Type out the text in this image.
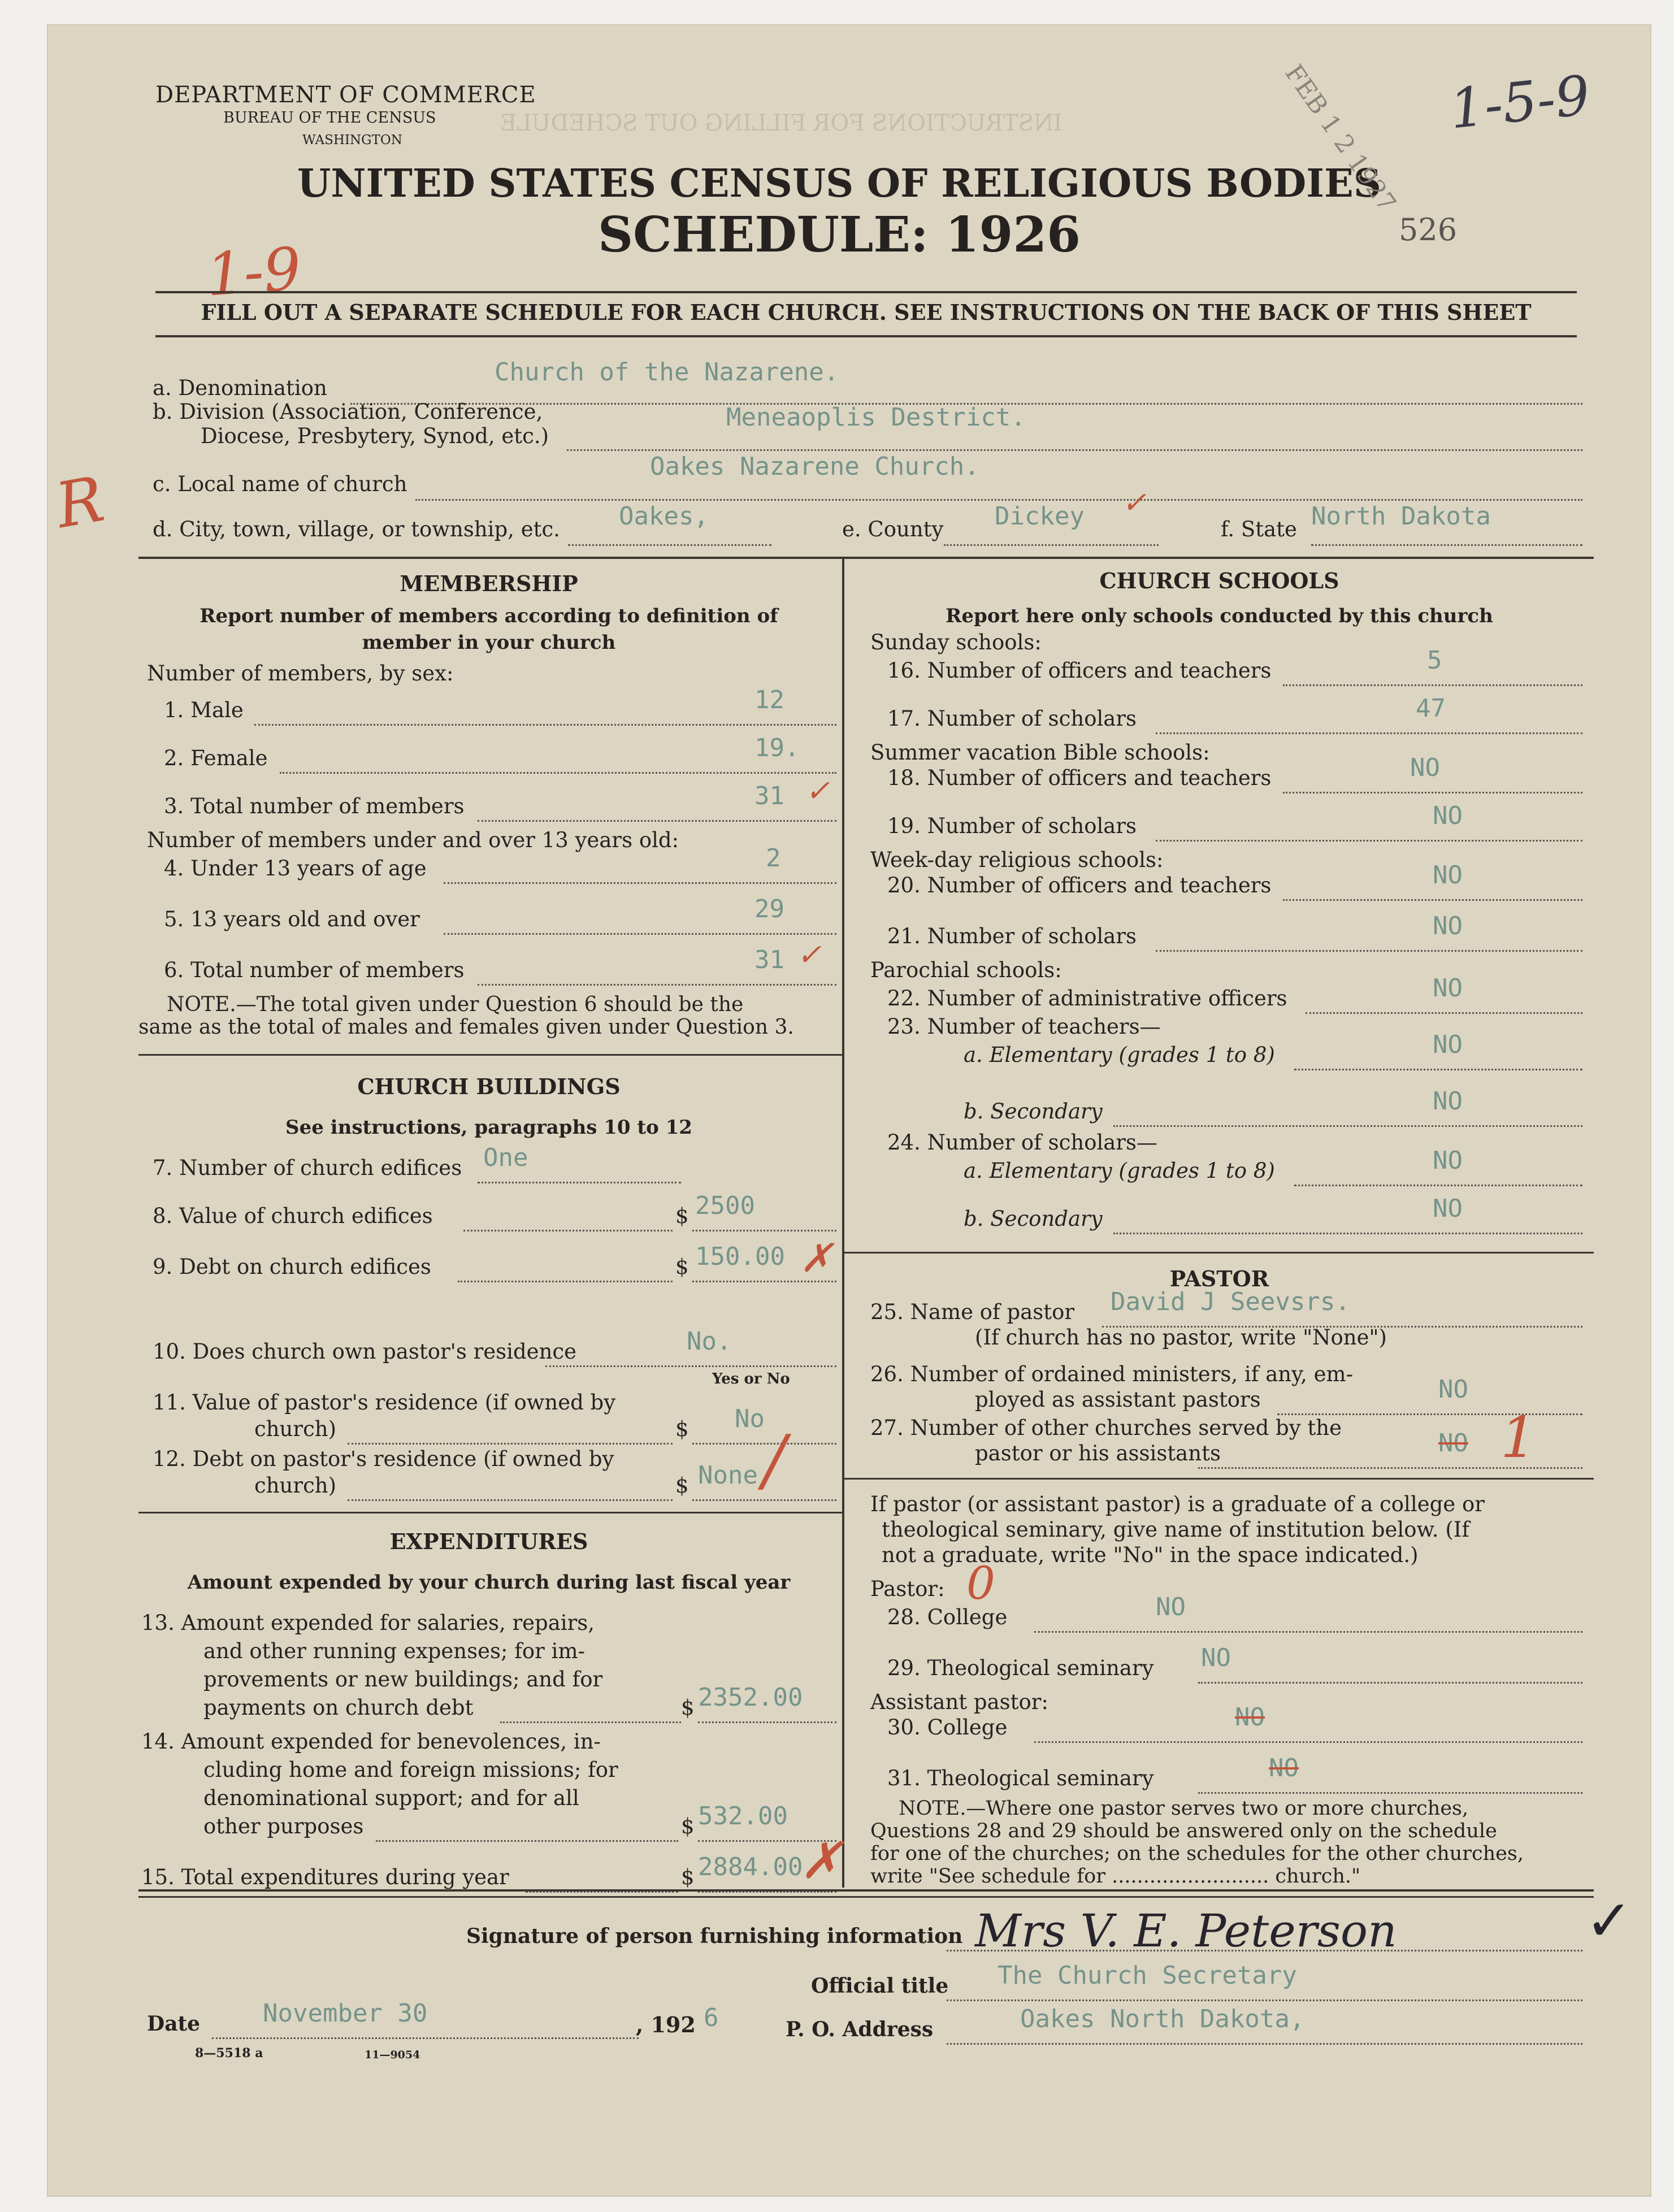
INSTRUCTIONS FOR FILLING OUT SCHEDULE
DEPARTMENT OF COMMERCE
BUREAU OF THE CENSUS
WASHINGTON
UNITED STATES CENSUS OF RELIGIOUS BODIES
SCHEDULE: 1926	526
1-5-9
1-9
R
FEB 1 2 1927
FILL OUT A SEPARATE SCHEDULE FOR EACH CHURCH. SEE INSTRUCTIONS ON THE BACK OF THIS SHEET
a. Denomination
Church of the Nazarene.
b. Division (Association, Conference,
Diocese, Presbytery, Synod, etc.)
Meneaoplis Destrict.
c. Local name of church
Oakes Nazarene Church.
d. City, town, village, or township, etc. Oakes,	e. County Dickey ✓
f. State North Dakota
MEMBERSHIP
Report number of members according to definition of
member in your church
Number of members, by sex:
1. Male	12
2. Female	19.
3. Total number of members	31 ✓
Number of members under and over 13 years old:
4. Under 13 years of age	2
5. 13 years old and over	29
6. Total number of members	31 ✓
NOTE.—The total given under Question 6 should be the
same as the total of males and females given under Question 3.
CHURCH BUILDINGS
See instructions, paragraphs 10 to 12
7. Number of church edifices One
8. Value of church edifices	$ 2500
9. Debt on church edifices	$ 150.00 ✗
10. Does church own pastor's residence	No.
Yes or No
11. Value of pastor's residence (if owned by
church)	$ No
12. Debt on pastor's residence (if owned by
church)	$ None /
EXPENDITURES
Amount expended by your church during last fiscal year
13. Amount expended for salaries, repairs,
and other running expenses; for im-
provements or new buildings; and for
payments on church debt	$ 2352.00
14. Amount expended for benevolences, in-
cluding home and foreign missions; for
denominational support; and for all
other purposes	$ 532.00
15. Total expenditures during year	$ 2884.00
✗
CHURCH SCHOOLS
Report here only schools conducted by this church
Sunday schools:
16. Number of officers and teachers	5
17. Number of scholars	47
Summer vacation Bible schools:
18. Number of officers and teachers	NO
19. Number of scholars	NO
Week-day religious schools:
20. Number of officers and teachers	NO
21. Number of scholars	NO
Parochial schools:
22. Number of administrative officers	NO
23. Number of teachers—
a. Elementary (grades 1 to 8)	NO
b. Secondary	NO
24. Number of scholars—
a. Elementary (grades 1 to 8)	NO
b. Secondary	NO
PASTOR
25. Name of pastor David J Seevsrs.
(If church has no pastor, write "None")
26. Number of ordained ministers, if any, em-
ployed as assistant pastors	NO
27. Number of other churches served by the
pastor or his assistants	NO 1
If pastor (or assistant pastor) is a graduate of a college or
theological seminary, give name of institution below. (If
not a graduate, write "No" in the space indicated.)
Pastor: 0
28. College	NO
29. Theological seminary NO
Assistant pastor:
30. College	NO
31. Theological seminary	NO
NOTE.—Where one pastor serves two or more churches,
Questions 28 and 29 should be answered only on the schedule
for one of the churches; on the schedules for the other churches,
write "See schedule for ......................... church."
Signature of person furnishing information Mrs V. E. Peterson	✓
Official title The Church Secretary
Date	November 30	, 192 6	P. O. Address	Oakes North Dakota,
8—5518 a	11—9054
